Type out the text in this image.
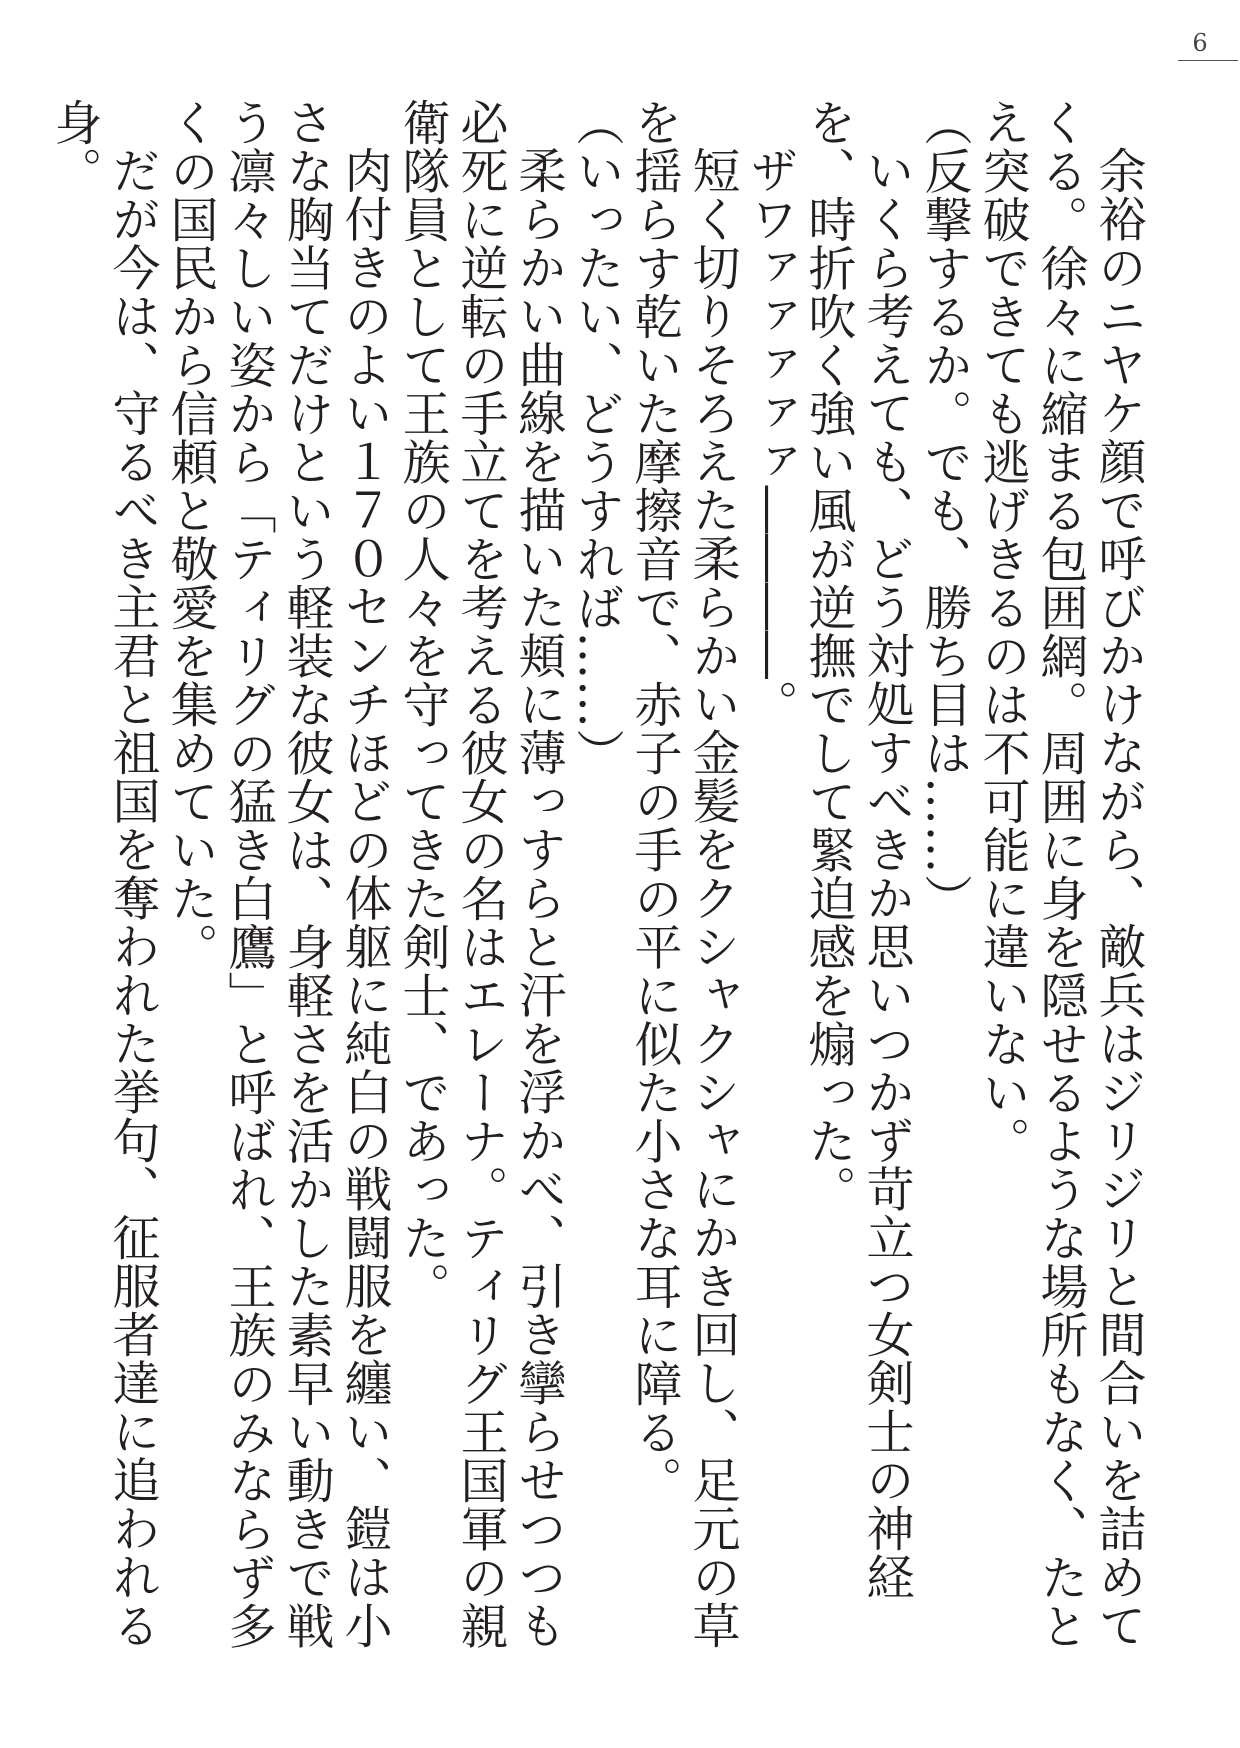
6

余裕のニヤケ顔で呼びかけながら、敵兵はジリジリと間合いを詰めてくる。徐々に縮まる包囲網。周囲に身を隠せるような場所もなく、たとえ突破できても逃げきるのは不可能に違いない。

（反撃するか。でも、勝ち目は……）

いくら考えても、どう対処すべきか思いつかず苛立つ女剣士の神経を、時折吹く強い風が逆撫でして緊迫感を煽った。

ザワァァァァァ――――。

短く切りそろえた柔らかい金髪をクシャクシャにかき回し、足元の草を揺らす乾いた摩擦音で、赤子の手の平に似た小さな耳に障る。

（いったい、どうすれば……）

柔らかい曲線を描いた頬に薄っすらと汗を浮かべ、引き攣らせつつも必死に逆転の手立てを考える彼女の名はエレーナ。ティリグ王国軍の親衛隊員として王族の人々を守ってきた剣士、であった。

肉付きのよい１７０センチほどの体躯に純白の戦闘服を纏い、鎧は小さな胸当てだけという軽装な彼女は、身軽さを活かした素早い動きで戦う凛々しい姿から「ティリグの猛き白鷹」と呼ばれ、王族のみならず多くの国民から信頼と敬愛を集めていた。

だが今は、守るべき主君と祖国を奪われた挙句、征服者達に追われる身。
